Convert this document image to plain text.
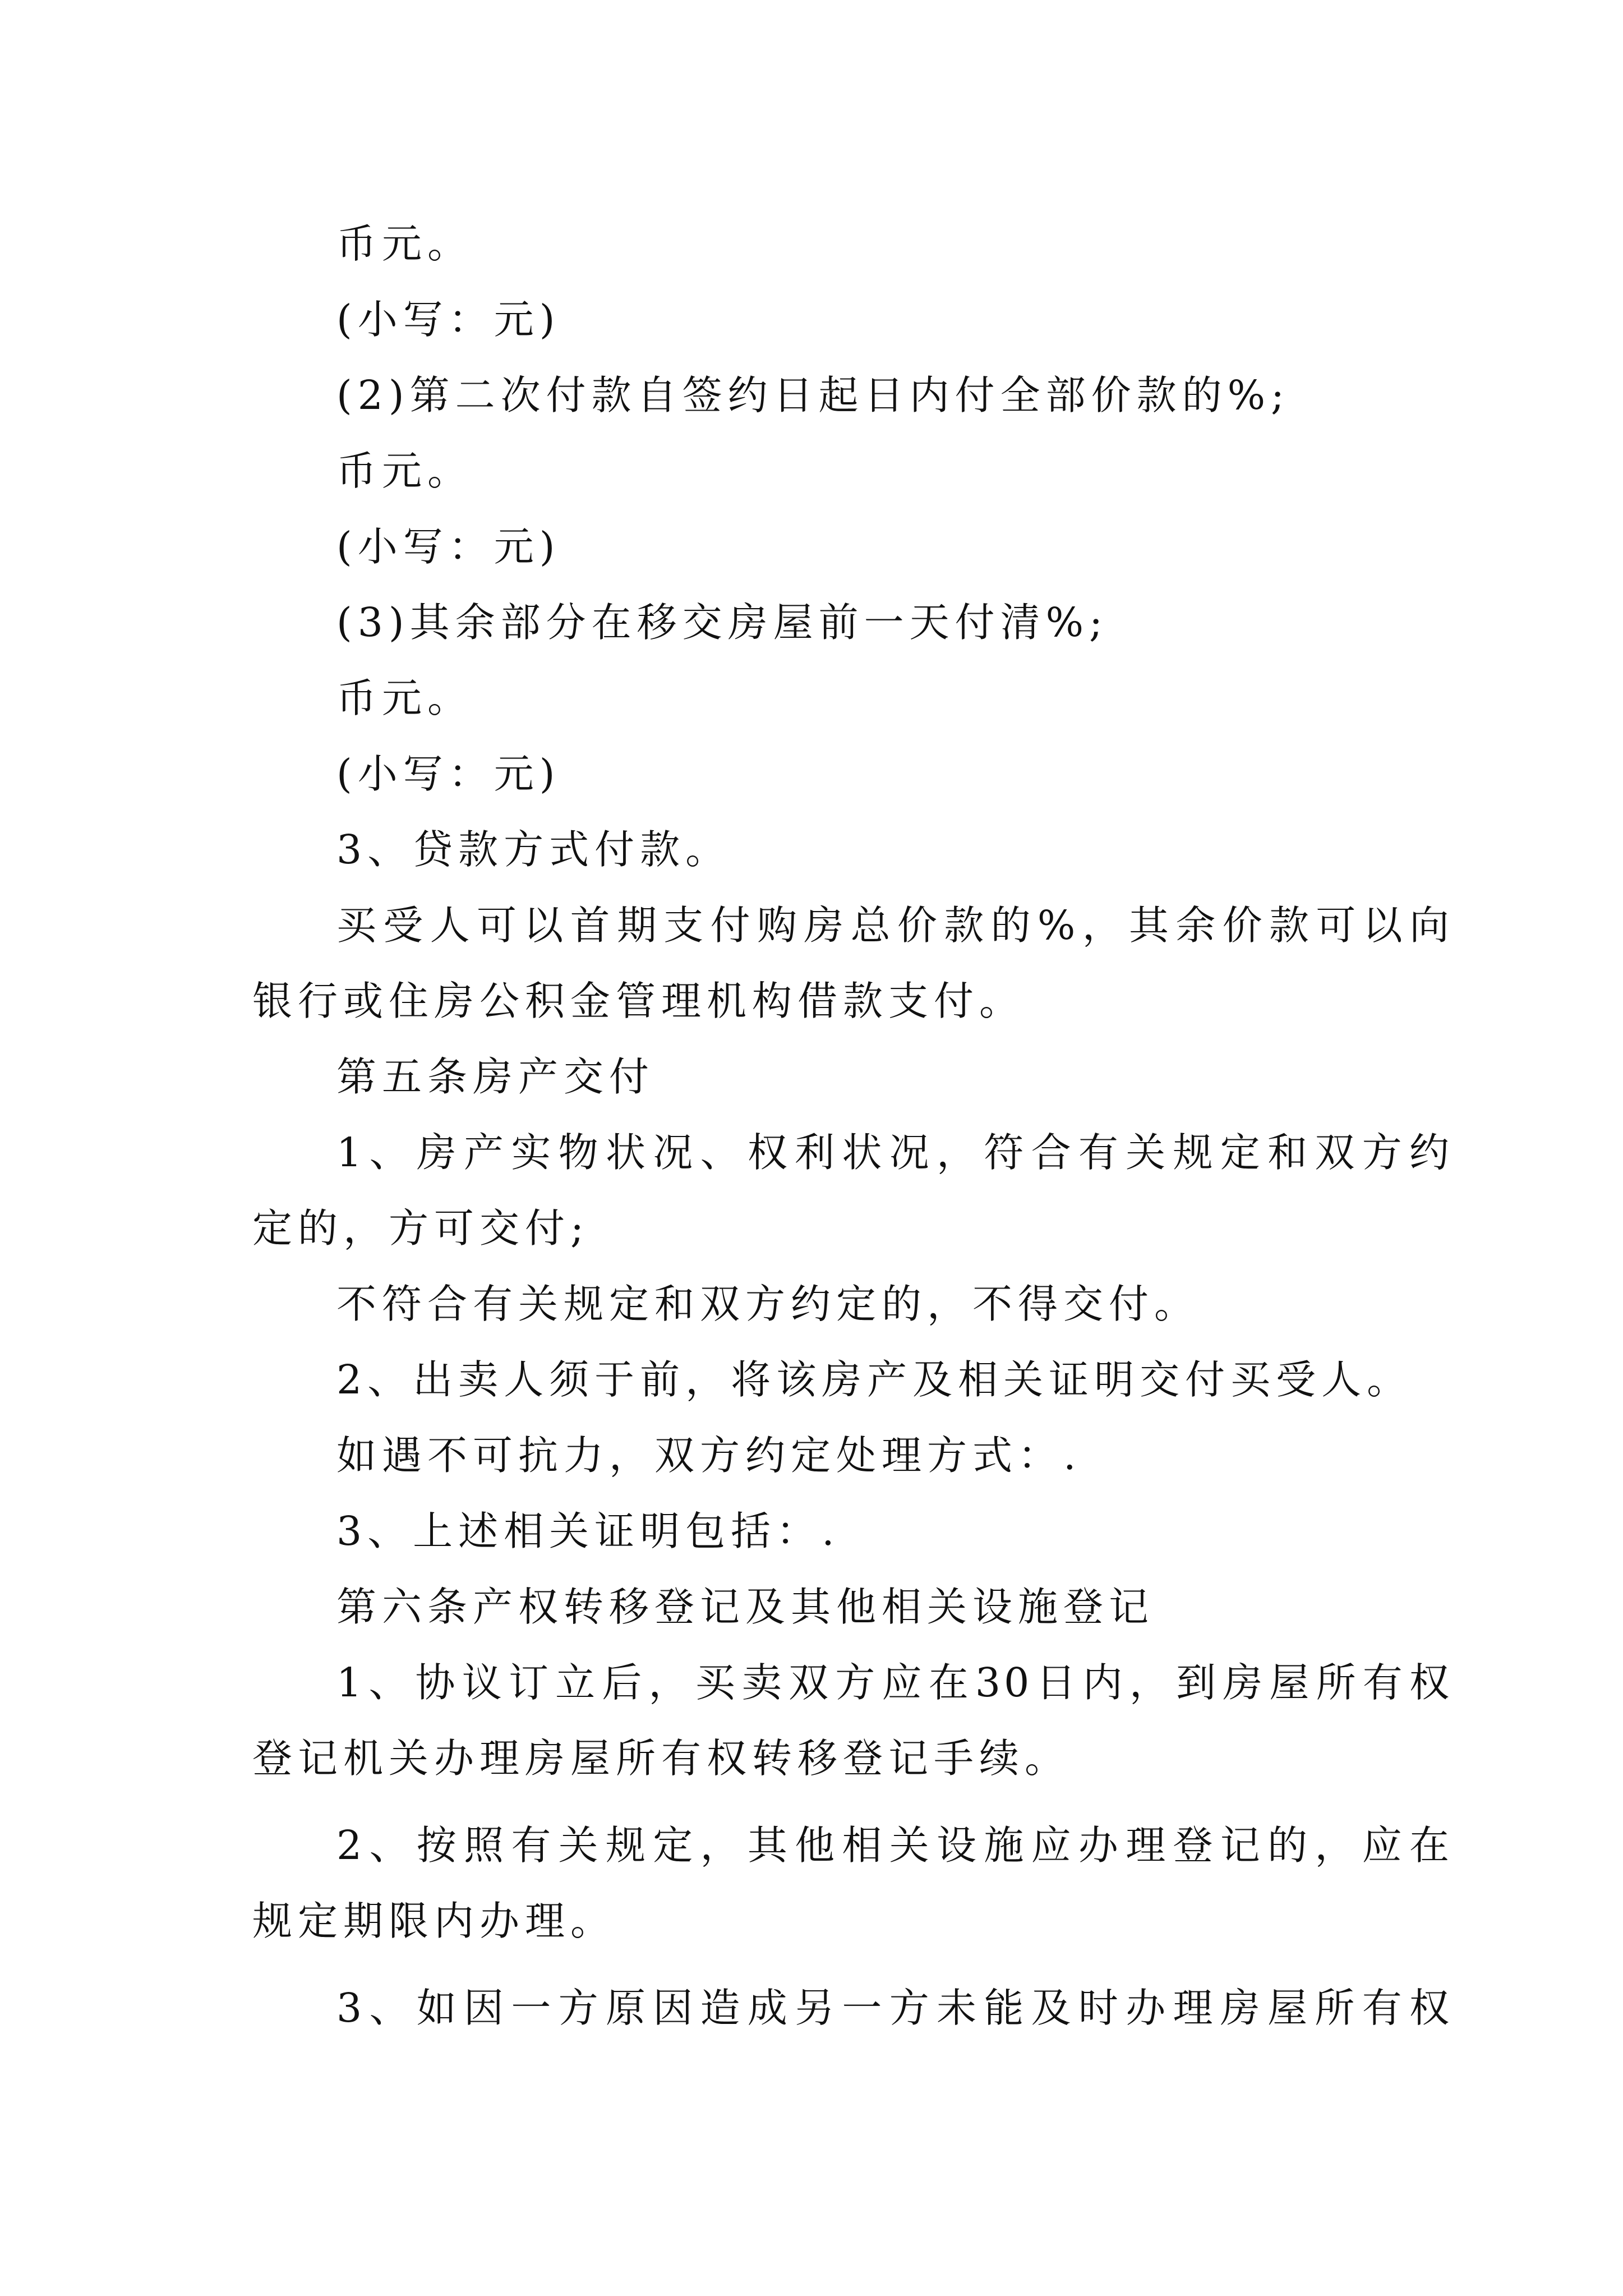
币元。

(小写：元)

(2)第二次付款自签约日起日内付全部价款的%;

币元。

(小写：元)

(3)其余部分在移交房屋前一天付清%;

币元。

(小写：元)

3、贷款方式付款。

买受人可以首期支付购房总价款的%，其余价款可以向

银行或住房公积金管理机构借款支付。

第五条房产交付

1、房产实物状况、权利状况，符合有关规定和双方约

定的，方可交付;

不符合有关规定和双方约定的，不得交付。

2、出卖人须于前，将该房产及相关证明交付买受人。

如遇不可抗力，双方约定处理方式：.

3、上述相关证明包括：.

第六条产权转移登记及其他相关设施登记

1、协议订立后，买卖双方应在30日内，到房屋所有权

登记机关办理房屋所有权转移登记手续。

2、按照有关规定，其他相关设施应办理登记的，应在

规定期限内办理。

3、如因一方原因造成另一方未能及时办理房屋所有权
